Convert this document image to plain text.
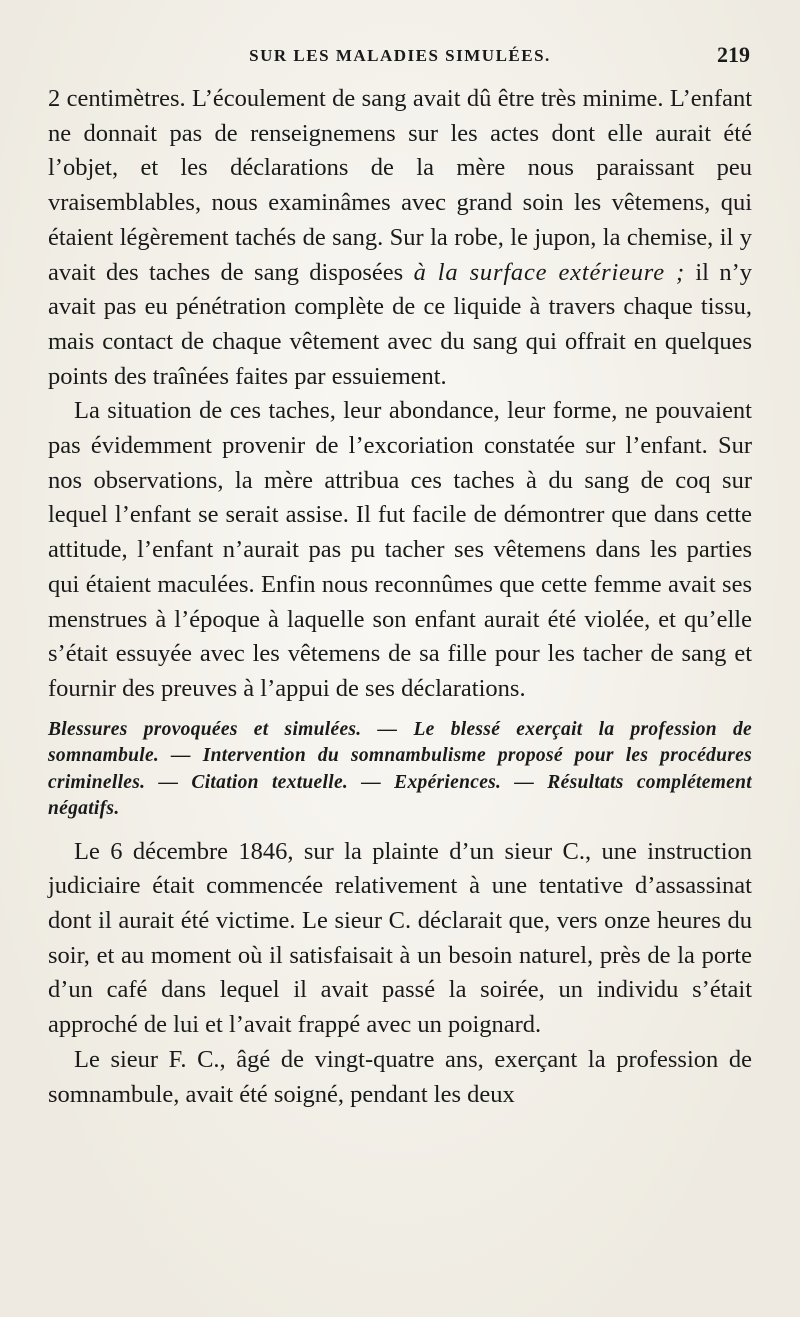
SUR LES MALADIES SIMULÉES.	219

2 centimètres. L’écoulement de sang avait dû être très minime. L’enfant ne donnait pas de renseignemens sur les actes dont elle aurait été l’objet, et les déclarations de la mère nous paraissant peu vraisemblables, nous examinâmes avec grand soin les vêtemens, qui étaient légèrement tachés de sang. Sur la robe, le jupon, la chemise, il y avait des taches de sang disposées à la surface extérieure ; il n’y avait pas eu pénétration complète de ce liquide à travers chaque tissu, mais contact de chaque vêtement avec du sang qui offrait en quelques points des traînées faites par essuiement.

La situation de ces taches, leur abondance, leur forme, ne pouvaient pas évidemment provenir de l’excoriation constatée sur l’enfant. Sur nos observations, la mère attribua ces taches à du sang de coq sur lequel l’enfant se serait assise. Il fut facile de démontrer que dans cette attitude, l’enfant n’aurait pas pu tacher ses vêtemens dans les parties qui étaient maculées. Enfin nous reconnûmes que cette femme avait ses menstrues à l’époque à laquelle son enfant aurait été violée, et qu’elle s’était essuyée avec les vêtemens de sa fille pour les tacher de sang et fournir des preuves à l’appui de ses déclarations.

Blessures provoquées et simulées. — Le blessé exerçait la profession de somnambule. — Intervention du somnambulisme proposé pour les procédures criminelles. — Citation textuelle. — Expériences. — Résultats complétement négatifs.

Le 6 décembre 1846, sur la plainte d’un sieur C., une instruction judiciaire était commencée relativement à une tentative d’assassinat dont il aurait été victime. Le sieur C. déclarait que, vers onze heures du soir, et au moment où il satisfaisait à un besoin naturel, près de la porte d’un café dans lequel il avait passé la soirée, un individu s’était approché de lui et l’avait frappé avec un poignard.

Le sieur F. C., âgé de vingt-quatre ans, exerçant la profession de somnambule, avait été soigné, pendant les deux
